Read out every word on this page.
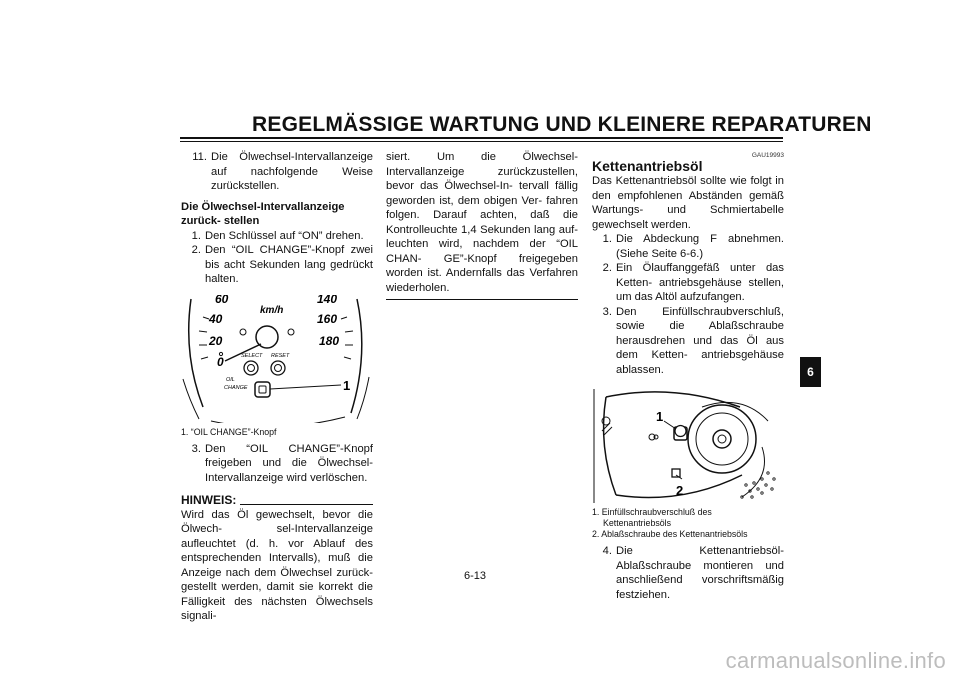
REGELMÄSSIGE WARTUNG UND KLEINERE REPARATUREN
11. Die Ölwechsel-Intervallanzeige auf nachfolgende Weise zurückstellen.
Die Ölwechsel-Intervallanzeige zurück- stellen
1. Den Schlüssel auf “ON” drehen.
2. Den “OIL CHANGE”-Knopf zwei bis acht Sekunden lang gedrückt halten.
60	140
40	160
20	180
0
km/h
SELECT RESET
OIL
CHANGE	1
1. “OIL CHANGE”-Knopf
3. Den “OIL CHANGE”-Knopf freigeben und die Ölwechsel-Intervallanzeige wird verlöschen.
HINWEIS:
Wird das Öl gewechselt, bevor die Ölwech- sel-Intervallanzeige aufleuchtet (d. h. vor Ablauf des entsprechenden Intervalls), muß die Anzeige nach dem Ölwechsel zurück- gestellt werden, damit sie korrekt die Fälligkeit des nächsten Ölwechsels signali-
siert. Um die Ölwechsel-Intervallanzeige zurückzustellen, bevor das Ölwechsel-In- tervall fällig geworden ist, dem obigen Ver- fahren folgen. Darauf achten, daß die Kontrolleuchte 1,4 Sekunden lang auf- leuchten wird, nachdem der “OIL CHAN- GE”-Knopf freigegeben worden ist. Andernfalls das Verfahren wiederholen.
GAU19993
Kettenantriebsöl
Das Kettenantriebsöl sollte wie folgt in den empfohlenen Abständen gemäß Wartungs- und Schmiertabelle gewechselt werden.
1. Die Abdeckung F abnehmen. (Siehe Seite 6-6.)
2. Ein Ölauffanggefäß unter das Ketten- antriebsgehäuse stellen, um das Altöl aufzufangen.
3. Den Einfüllschraubverschluß, sowie die Ablaßschraube herausdrehen und das Öl aus dem Ketten- antriebsgehäuse ablassen.
1
2
1. Einfüllschraubverschluß des
Kettenantriebsöls
2. Ablaßschraube des Kettenantriebsöls
4. Die Kettenantriebsöl-Ablaßschraube montieren und anschließend vorschriftsmäßig festziehen.
6-13
6
carmanualsonline.info
